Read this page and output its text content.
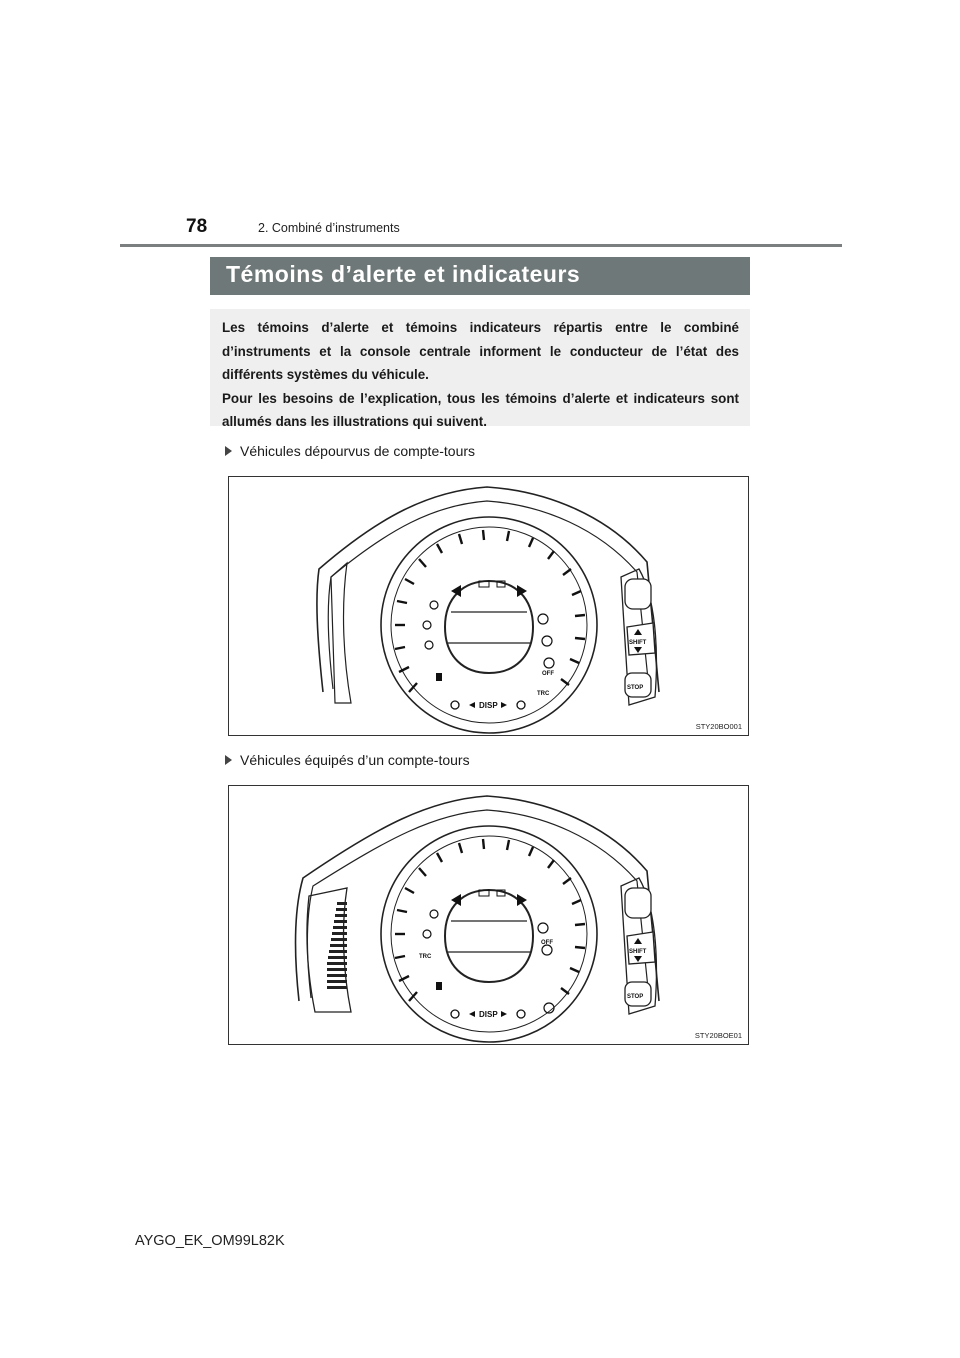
78	2. Combiné d’instruments
Témoins d’alerte et indicateurs

Les témoins d’alerte et témoins indicateurs répartis entre le combiné d’instruments et la console centrale informent le conducteur de l’état des différents systèmes du véhicule.

Pour les besoins de l’explication, tous les témoins d’alerte et indicateurs sont allumés dans les illustrations qui suivent.

Véhicules dépourvus de compte-tours
OFF
TRC
DISP
SHIFT
STOP
STY20BO001
Véhicules équipés d’un compte-tours
TRC
OFF
DISP
SHIFT
STOP
STY20BOE01
AYGO_EK_OM99L82K
